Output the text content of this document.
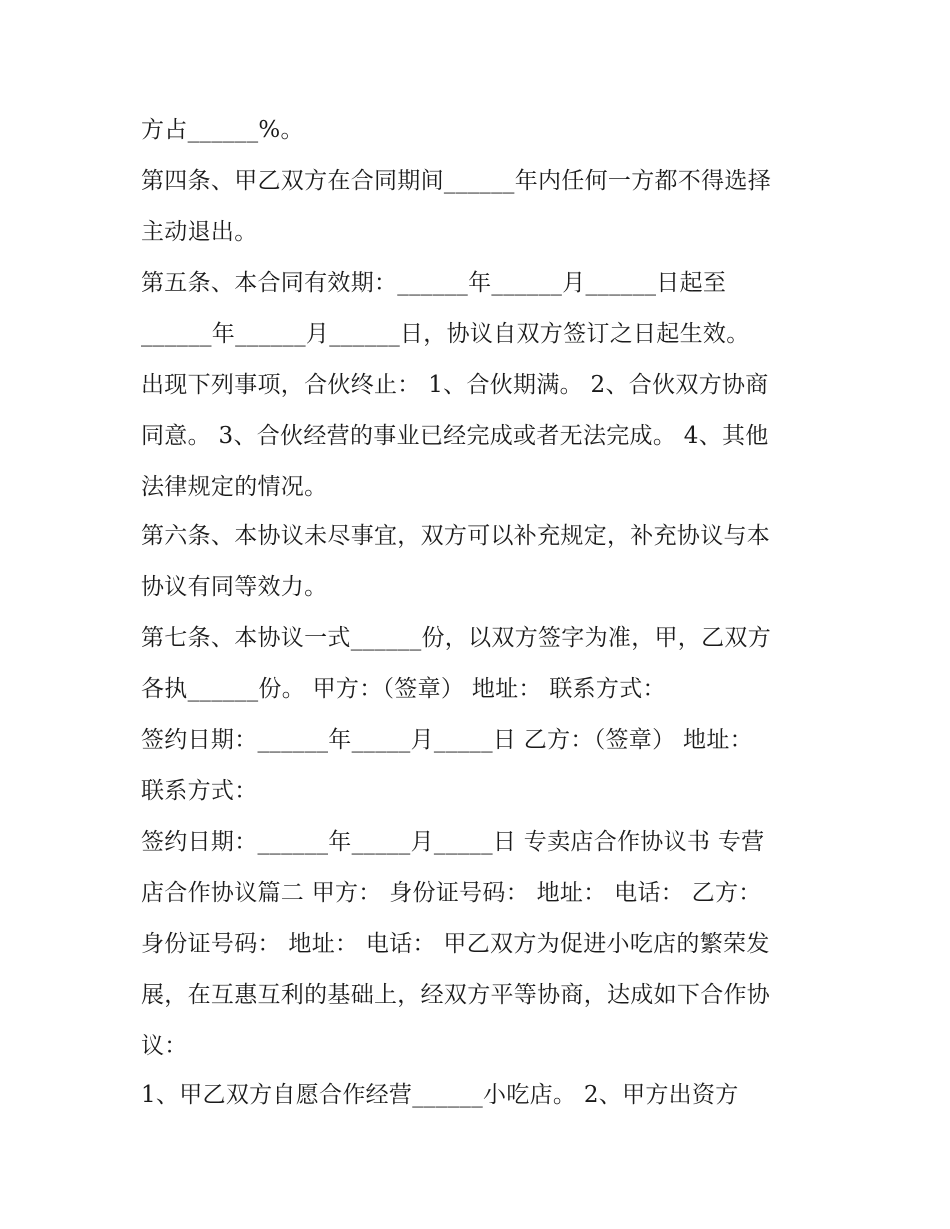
方占______%。
第四条、甲乙双方在合同期间______年内任何一方都不得选择
主动退出。
第五条、本合同有效期：______年______月______日起至
______年______月______日，协议自双方签订之日起生效。
出现下列事项，合伙终止： 1、合伙期满。 2、合伙双方协商
同意。 3、合伙经营的事业已经完成或者无法完成。 4、其他
法律规定的情况。
第六条、本协议未尽事宜，双方可以补充规定，补充协议与本
协议有同等效力。
第七条、本协议一式______份，以双方签字为准，甲，乙双方
各执______份。 甲方：（签章） 地址： 联系方式：
签约日期：______年_____月_____日 乙方：（签章） 地址：
联系方式：
签约日期：______年_____月_____日 专卖店合作协议书 专营
店合作协议篇二 甲方： 身份证号码： 地址： 电话： 乙方：
身份证号码： 地址： 电话： 甲乙双方为促进小吃店的繁荣发
展，在互惠互利的基础上，经双方平等协商，达成如下合作协
议：
1、甲乙双方自愿合作经营______小吃店。 2、甲方出资方
